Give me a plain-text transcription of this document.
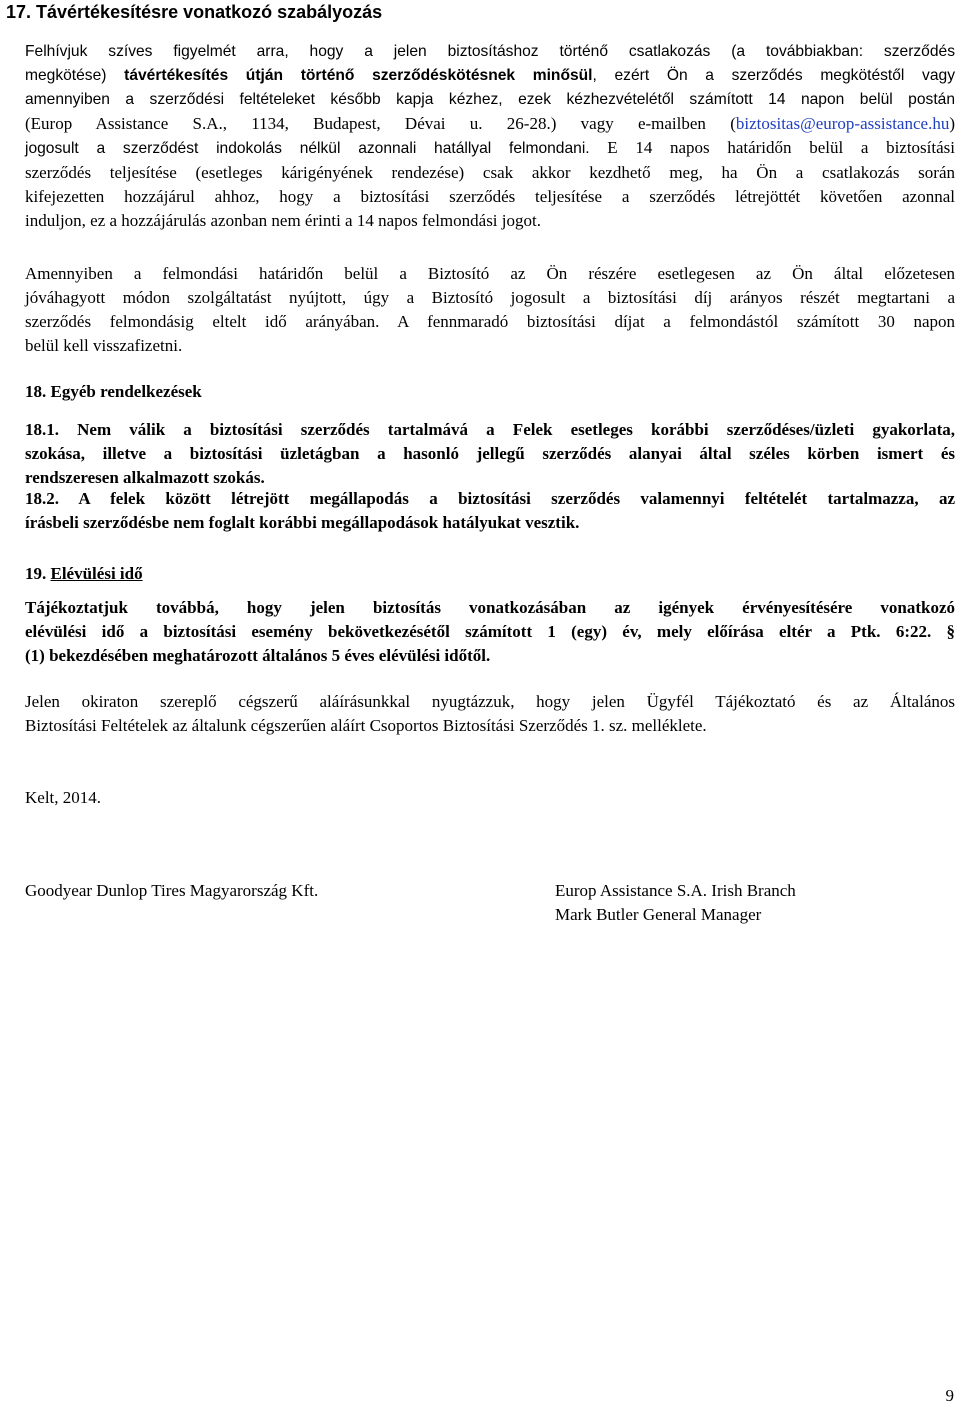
17. Távértékesítésre vonatkozó szabályozás

Felhívjuk szíves figyelmét arra, hogy a jelen biztosításhoz történő csatlakozás (a továbbiakban: szerződés
megkötése) távértékesítés útján történő szerződéskötésnek minősül, ezért Ön a szerződés megkötéstől vagy
amennyiben a szerződési feltételeket később kapja kézhez, ezek kézhezvételétől számított 14 napon belül postán
(Europ Assistance S.A., 1134, Budapest, Dévai u. 26-28.) vagy e-mailben (biztositas@europ-assistance.hu)
jogosult a szerződést indokolás nélkül azonnali hatállyal felmondani. E 14 napos határidőn belül a biztosítási
szerződés teljesítése (esetleges kárigényének rendezése) csak akkor kezdhető meg, ha Ön a csatlakozás során
kifejezetten hozzájárul ahhoz, hogy a biztosítási szerződés teljesítése a szerződés létrejöttét követően azonnal
induljon, ez a hozzájárulás azonban nem érinti a 14 napos felmondási jogot.

Amennyiben a felmondási határidőn belül a Biztosító az Ön részére esetlegesen az Ön által előzetesen
jóváhagyott módon szolgáltatást nyújtott, úgy a Biztosító jogosult a biztosítási díj arányos részét megtartani a
szerződés felmondásig eltelt idő arányában. A fennmaradó biztosítási díjat a felmondástól számított 30 napon
belül kell visszafizetni.

18. Egyéb rendelkezések

18.1. Nem válik a biztosítási szerződés tartalmává a Felek esetleges korábbi szerződéses/üzleti gyakorlata,
szokása, illetve a biztosítási üzletágban a hasonló jellegű szerződés alanyai által széles körben ismert és
rendszeresen alkalmazott szokás.

18.2. A felek között létrejött megállapodás a biztosítási szerződés valamennyi feltételét tartalmazza, az
írásbeli szerződésbe nem foglalt korábbi megállapodások hatályukat vesztik.

19. Elévülési idő

Tájékoztatjuk továbbá, hogy jelen biztosítás vonatkozásában az igények érvényesítésére vonatkozó
elévülési idő a biztosítási esemény bekövetkezésétől számított 1 (egy) év, mely előírása eltér a Ptk. 6:22. §
(1) bekezdésében meghatározott általános 5 éves elévülési időtől.

Jelen okiraton szereplő cégszerű aláírásunkkal nyugtázzuk, hogy jelen Ügyfél Tájékoztató és az Általános
Biztosítási Feltételek az általunk cégszerűen aláírt Csoportos Biztosítási Szerződés 1. sz. melléklete.

Kelt, 2014.

Goodyear Dunlop Tires Magyarország Kft.	Europ Assistance S.A. Irish Branch

Mark Butler General Manager

9
